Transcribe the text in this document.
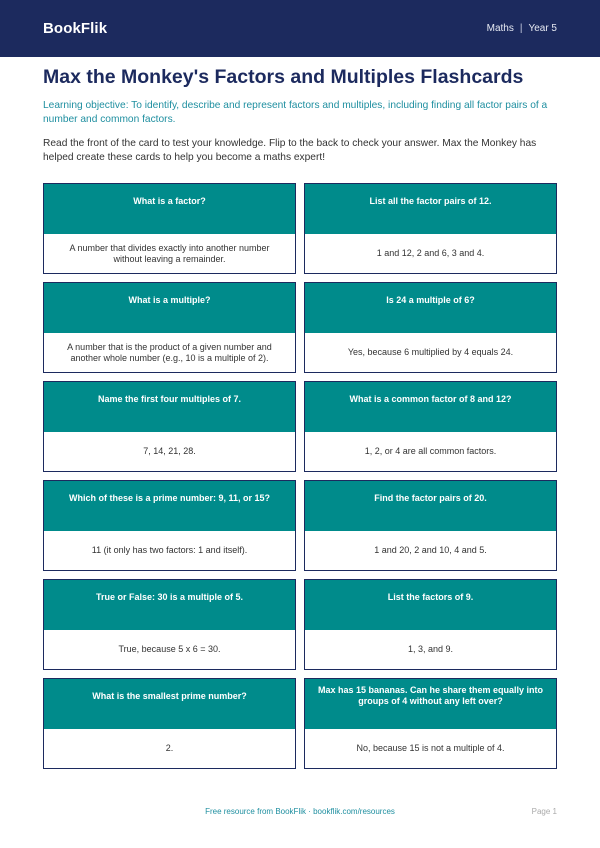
BookFlik	Maths | Year 5
Max the Monkey's Factors and Multiples Flashcards

Learning objective: To identify, describe and represent factors and multiples, including finding all factor pairs of a number and common factors.

Read the front of the card to test your knowledge. Flip to the back to check your answer. Max the Monkey has helped create these cards to help you become a maths expert!

What is a factor?
A number that divides exactly into another number without leaving a remainder.
List all the factor pairs of 12.
1 and 12, 2 and 6, 3 and 4.
What is a multiple?
A number that is the product of a given number and another whole number (e.g., 10 is a multiple of 2).
Is 24 a multiple of 6?
Yes, because 6 multiplied by 4 equals 24.
Name the first four multiples of 7.
7, 14, 21, 28.
What is a common factor of 8 and 12?
1, 2, or 4 are all common factors.
Which of these is a prime number: 9, 11, or 15?
11 (it only has two factors: 1 and itself).
Find the factor pairs of 20.
1 and 20, 2 and 10, 4 and 5.
True or False: 30 is a multiple of 5.
True, because 5 x 6 = 30.
List the factors of 9.
1, 3, and 9.
What is the smallest prime number?
2.
Max has 15 bananas. Can he share them equally into groups of 4 without any left over?
No, because 15 is not a multiple of 4.
Free resource from BookFlik · bookflik.com/resources	Page 1
